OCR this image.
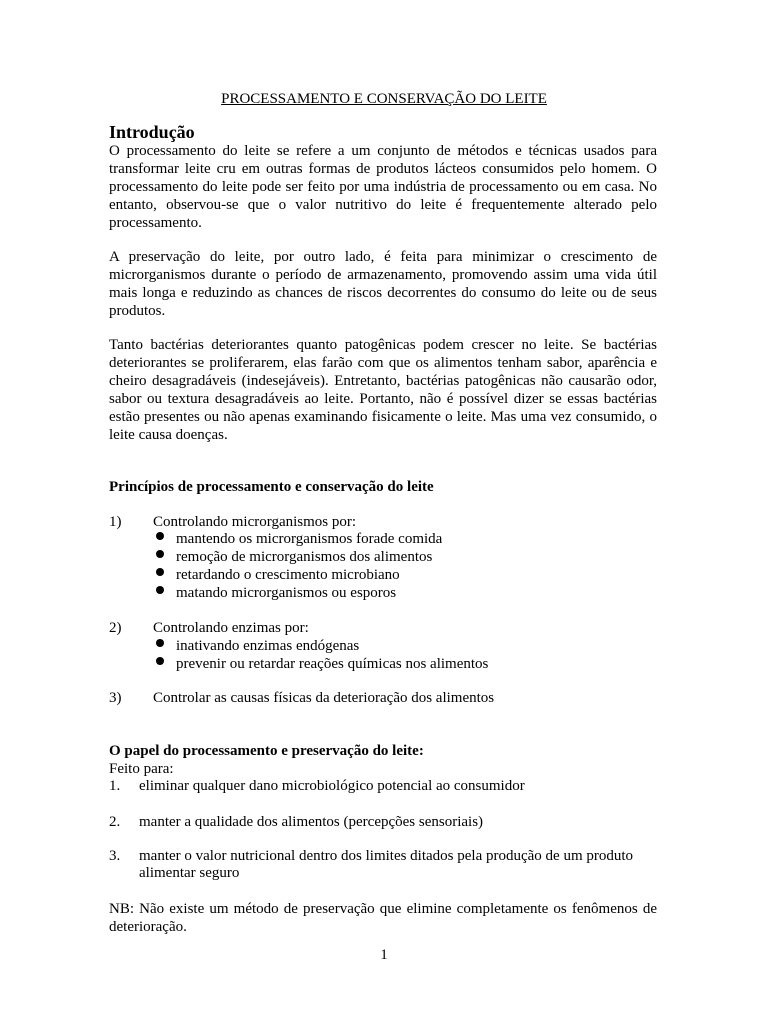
PROCESSAMENTO E CONSERVAÇÃO DO LEITE
Introdução

O processamento do leite se refere a um conjunto de métodos e técnicas usados para transformar leite cru em outras formas de produtos lácteos consumidos pelo homem. O processamento do leite pode ser feito por uma indústria de processamento ou em casa. No entanto, observou-se que o valor nutritivo do leite é frequentemente alterado pelo processamento.

A preservação do leite, por outro lado, é feita para minimizar o crescimento de microrganismos durante o período de armazenamento, promovendo assim uma vida útil mais longa e reduzindo as chances de riscos decorrentes do consumo do leite ou de seus produtos.

Tanto bactérias deteriorantes quanto patogênicas podem crescer no leite. Se bactérias deteriorantes se proliferarem, elas farão com que os alimentos tenham sabor, aparência e cheiro desagradáveis (indesejáveis). Entretanto, bactérias patogênicas não causarão odor, sabor ou textura desagradáveis ao leite. Portanto, não é possível dizer se essas bactérias estão presentes ou não apenas examinando fisicamente o leite. Mas uma vez consumido, o leite causa doenças.

Princípios de processamento e conservação do leite
1) Controlando microrganismos por:
mantendo os microrganismos forade comida
remoção de microrganismos dos alimentos
retardando o crescimento microbiano
matando microrganismos ou esporos
2) Controlando enzimas por:
inativando enzimas endógenas
prevenir ou retardar reações químicas nos alimentos
3) Controlar as causas físicas da deterioração dos alimentos
O papel do processamento e preservação do leite:
Feito para:
1. eliminar qualquer dano microbiológico potencial ao consumidor
2. manter a qualidade dos alimentos (percepções sensoriais)
3. manter o valor nutricional dentro dos limites ditados pela produção de um produto
alimentar seguro

NB: Não existe um método de preservação que elimine completamente os fenômenos de deterioração.

1
